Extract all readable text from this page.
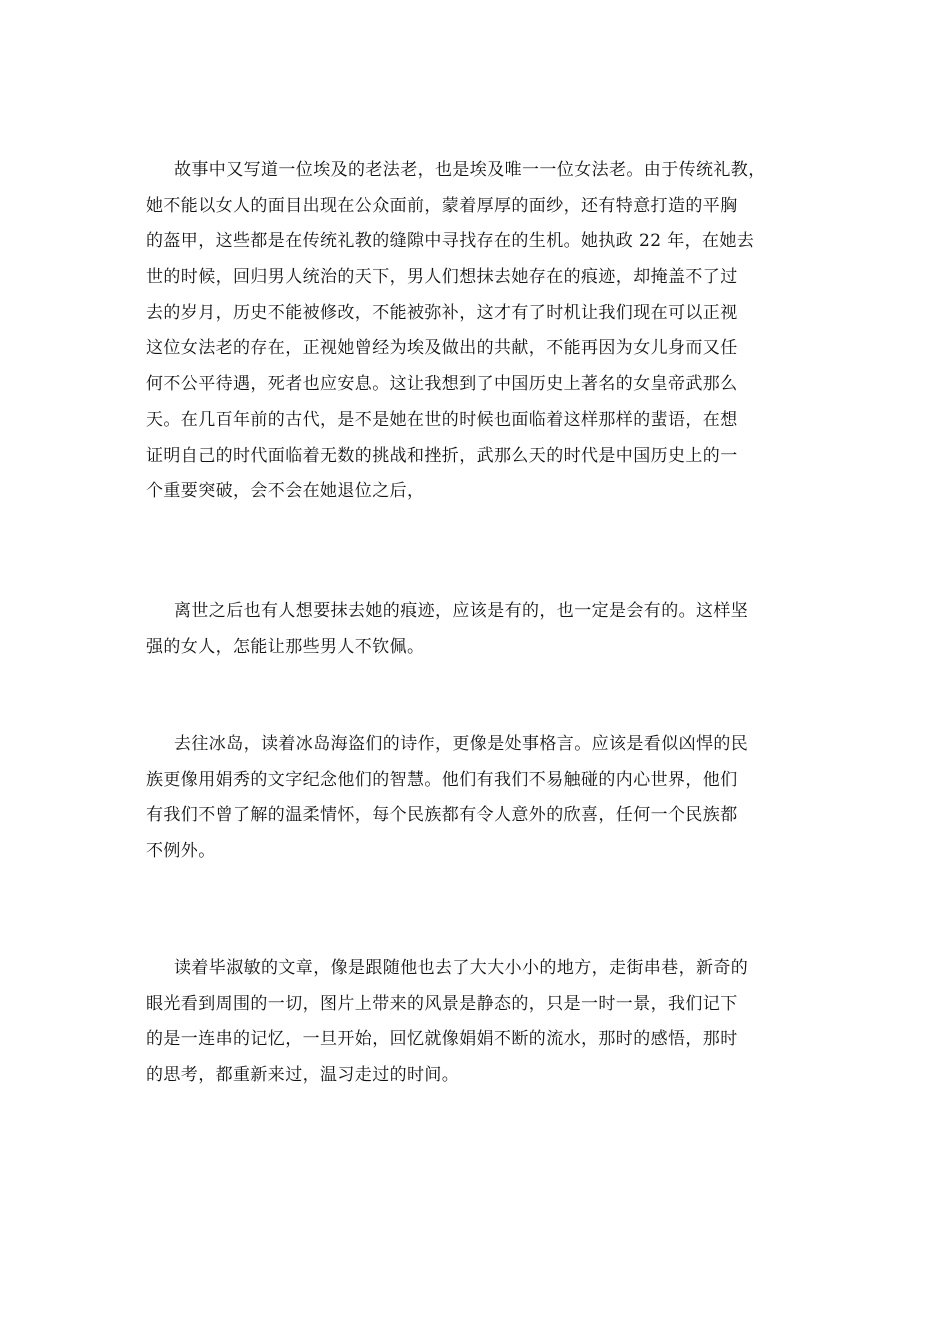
故事中又写道一位埃及的老法老，也是埃及唯一一位女法老。由于传统礼教，
她不能以女人的面目出现在公众面前，蒙着厚厚的面纱，还有特意打造的平胸
的盔甲，这些都是在传统礼教的缝隙中寻找存在的生机。她执政 22 年，在她去
世的时候，回归男人统治的天下，男人们想抹去她存在的痕迹，却掩盖不了过
去的岁月，历史不能被修改，不能被弥补，这才有了时机让我们现在可以正视
这位女法老的存在，正视她曾经为埃及做出的共献，不能再因为女儿身而又任
何不公平待遇，死者也应安息。这让我想到了中国历史上著名的女皇帝武那么
天。在几百年前的古代，是不是她在世的时候也面临着这样那样的蜚语，在想
证明自己的时代面临着无数的挑战和挫折，武那么天的时代是中国历史上的一
个重要突破，会不会在她退位之后，
离世之后也有人想要抹去她的痕迹，应该是有的，也一定是会有的。这样坚
强的女人，怎能让那些男人不钦佩。
去往冰岛，读着冰岛海盗们的诗作，更像是处事格言。应该是看似凶悍的民
族更像用娟秀的文字纪念他们的智慧。他们有我们不易触碰的内心世界，他们
有我们不曾了解的温柔情怀，每个民族都有令人意外的欣喜，任何一个民族都
不例外。
读着毕淑敏的文章，像是跟随他也去了大大小小的地方，走街串巷，新奇的
眼光看到周围的一切，图片上带来的风景是静态的，只是一时一景，我们记下
的是一连串的记忆，一旦开始，回忆就像娟娟不断的流水，那时的感悟，那时
的思考，都重新来过，温习走过的时间。
